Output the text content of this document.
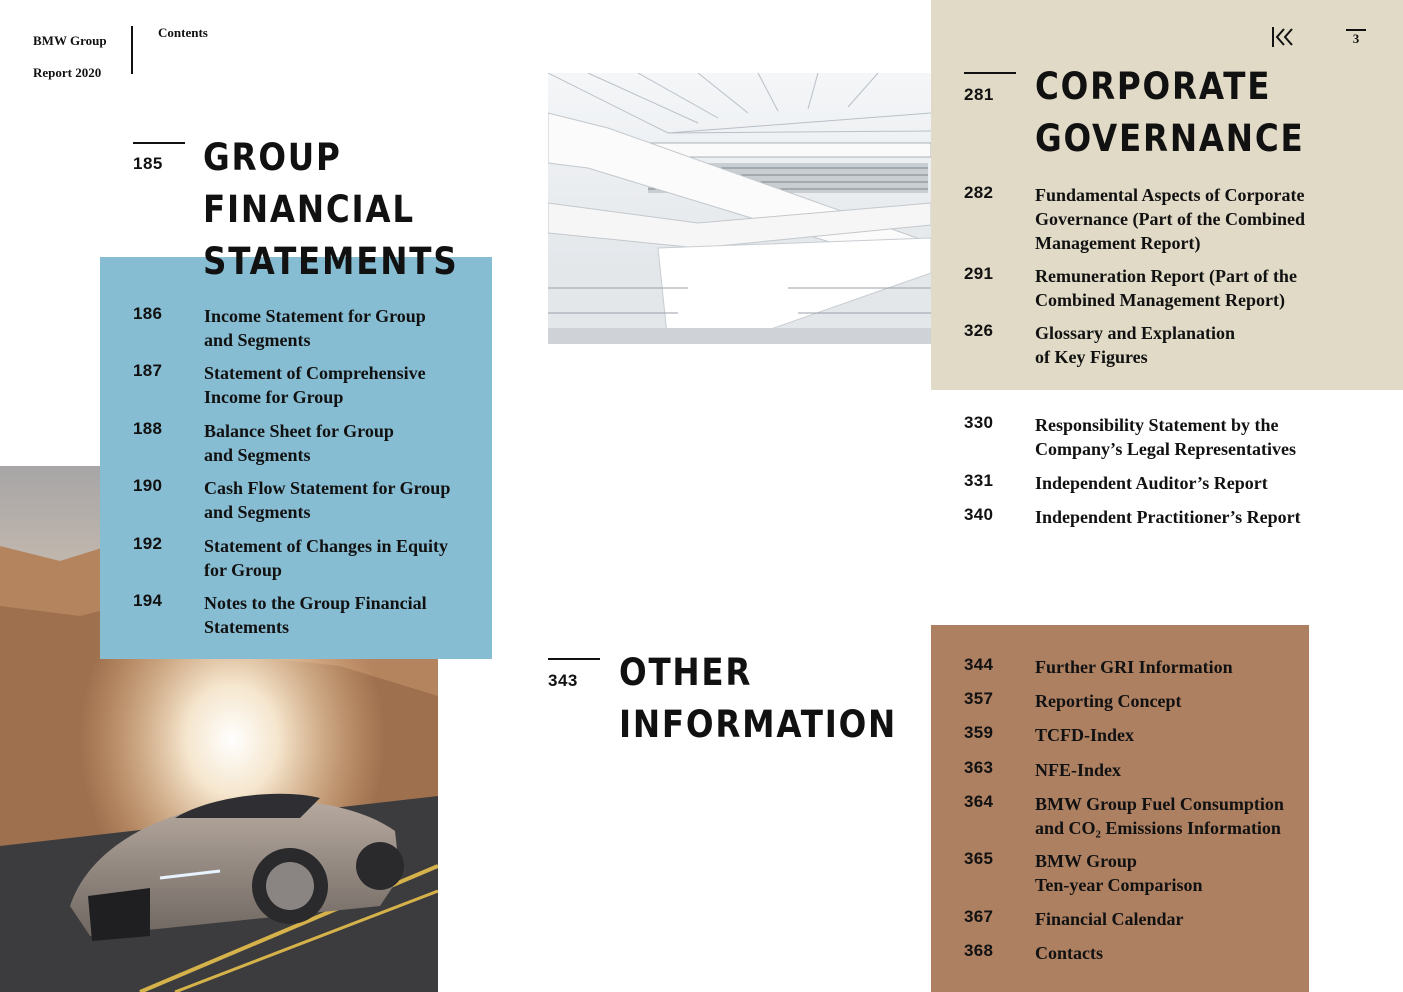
BMW Group
Report 2020
Contents	3
185 GROUP
FINANCIAL
STATEMENTS
186 Income Statement for Group
and Segments
187 Statement of Comprehensive
Income for Group
188 Balance Sheet for Group
and Segments
190 Cash Flow Statement for Group
and Segments
192 Statement of Changes in Equity
for Group
194 Notes to the Group Financial
Statements
281 CORPORATE
GOVERNANCE
282 Fundamental Aspects of Corporate
Governance (Part of the Combined
Management Report)
291 Remuneration Report (Part of the
Combined Management Report)
326 Glossary and Explanation
of Key Figures
330 Responsibility Statement by the
Company’s Legal Representatives
331 Independent Auditor’s Report
340 Independent Practitioner’s Report
343 OTHER
INFORMATION
344 Further GRI Information
357 Reporting Concept
359 TCFD-Index
363 NFE-Index
364 BMW Group Fuel Consumption
and CO₂ Emissions Information
365 BMW Group
Ten-year Comparison
367 Financial Calendar
368 Contacts
